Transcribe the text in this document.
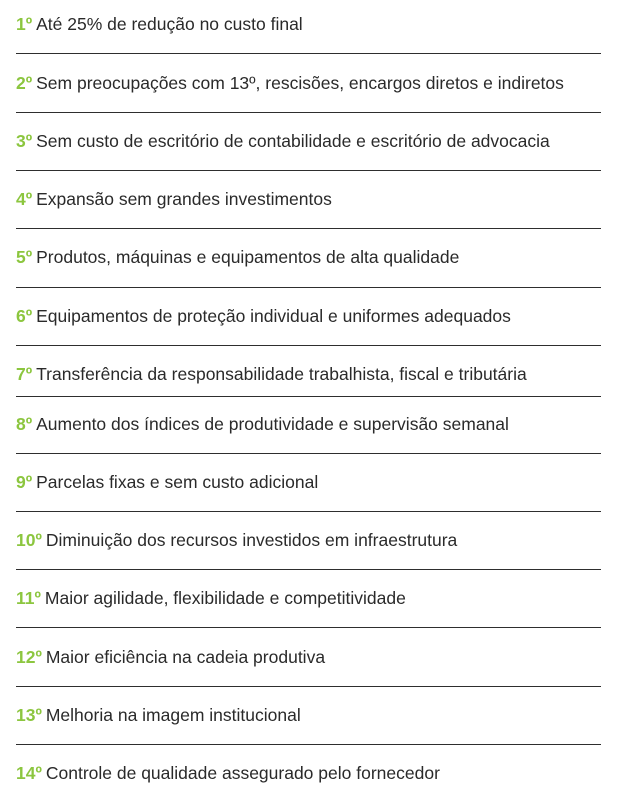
1º Até 25% de redução no custo final
2º Sem preocupações com 13º, rescisões, encargos diretos e indiretos
3º Sem custo de escritório de contabilidade e escritório de advocacia
4º Expansão sem grandes investimentos
5º Produtos, máquinas e equipamentos de alta qualidade
6º Equipamentos de proteção individual e uniformes adequados
7º Transferência da responsabilidade trabalhista, fiscal e tributária
8º Aumento dos índices de produtividade e supervisão semanal
9º Parcelas fixas e sem custo adicional
10º Diminuição dos recursos investidos em infraestrutura
11º Maior agilidade, flexibilidade e competitividade
12º Maior eficiência na cadeia produtiva
13º Melhoria na imagem institucional
14º Controle de qualidade assegurado pelo fornecedor
